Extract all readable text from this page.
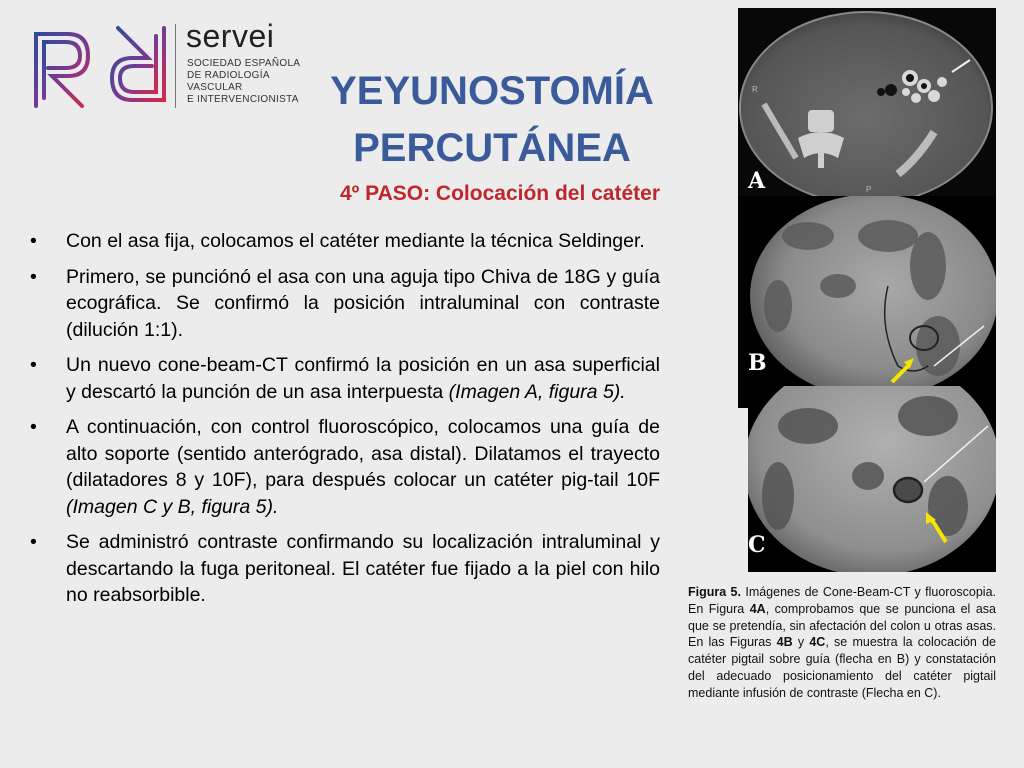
servei
SOCIEDAD ESPAÑOLA
DE RADIOLOGÍA
VASCULAR
E INTERVENCIONISTA YEYUNOSTOMÍA
PERCUTÁNEA
4º PASO: Colocación del catéter
• Con el asa fija, colocamos el catéter mediante la técnica Seldinger.
• Primero, se punciónó el asa con una aguja tipo Chiva de 18G y guía ecográfica. Se confirmó la posición intraluminal con contraste (dilución 1:1).
• Un nuevo cone-beam-CT confirmó la posición en un asa superficial y descartó la punción de un asa interpuesta (Imagen A, figura 5).
• A continuación, con control fluoroscópico, colocamos una guía de alto soporte (sentido anterógrado, asa distal). Dilatamos el trayecto (dilatadores 8 y 10F), para después colocar un catéter pig-tail 10F (Imagen C y B, figura 5).
• Se administró contraste confirmando su localización intraluminal y descartando la fuga peritoneal. El catéter fue fijado a la piel con hilo no reabsorbible.
R
P
A
B
C
Figura 5. Imágenes de Cone-Beam-CT y fluoroscopia. En Figura 4A, comprobamos que se punciona el asa que se pretendía, sin afectación del colon u otras asas. En las Figuras 4B y 4C, se muestra la colocación de catéter pigtail sobre guía (flecha en B) y constatación del adecuado posicionamiento del catéter pigtail mediante infusión de contraste (Flecha en C).
